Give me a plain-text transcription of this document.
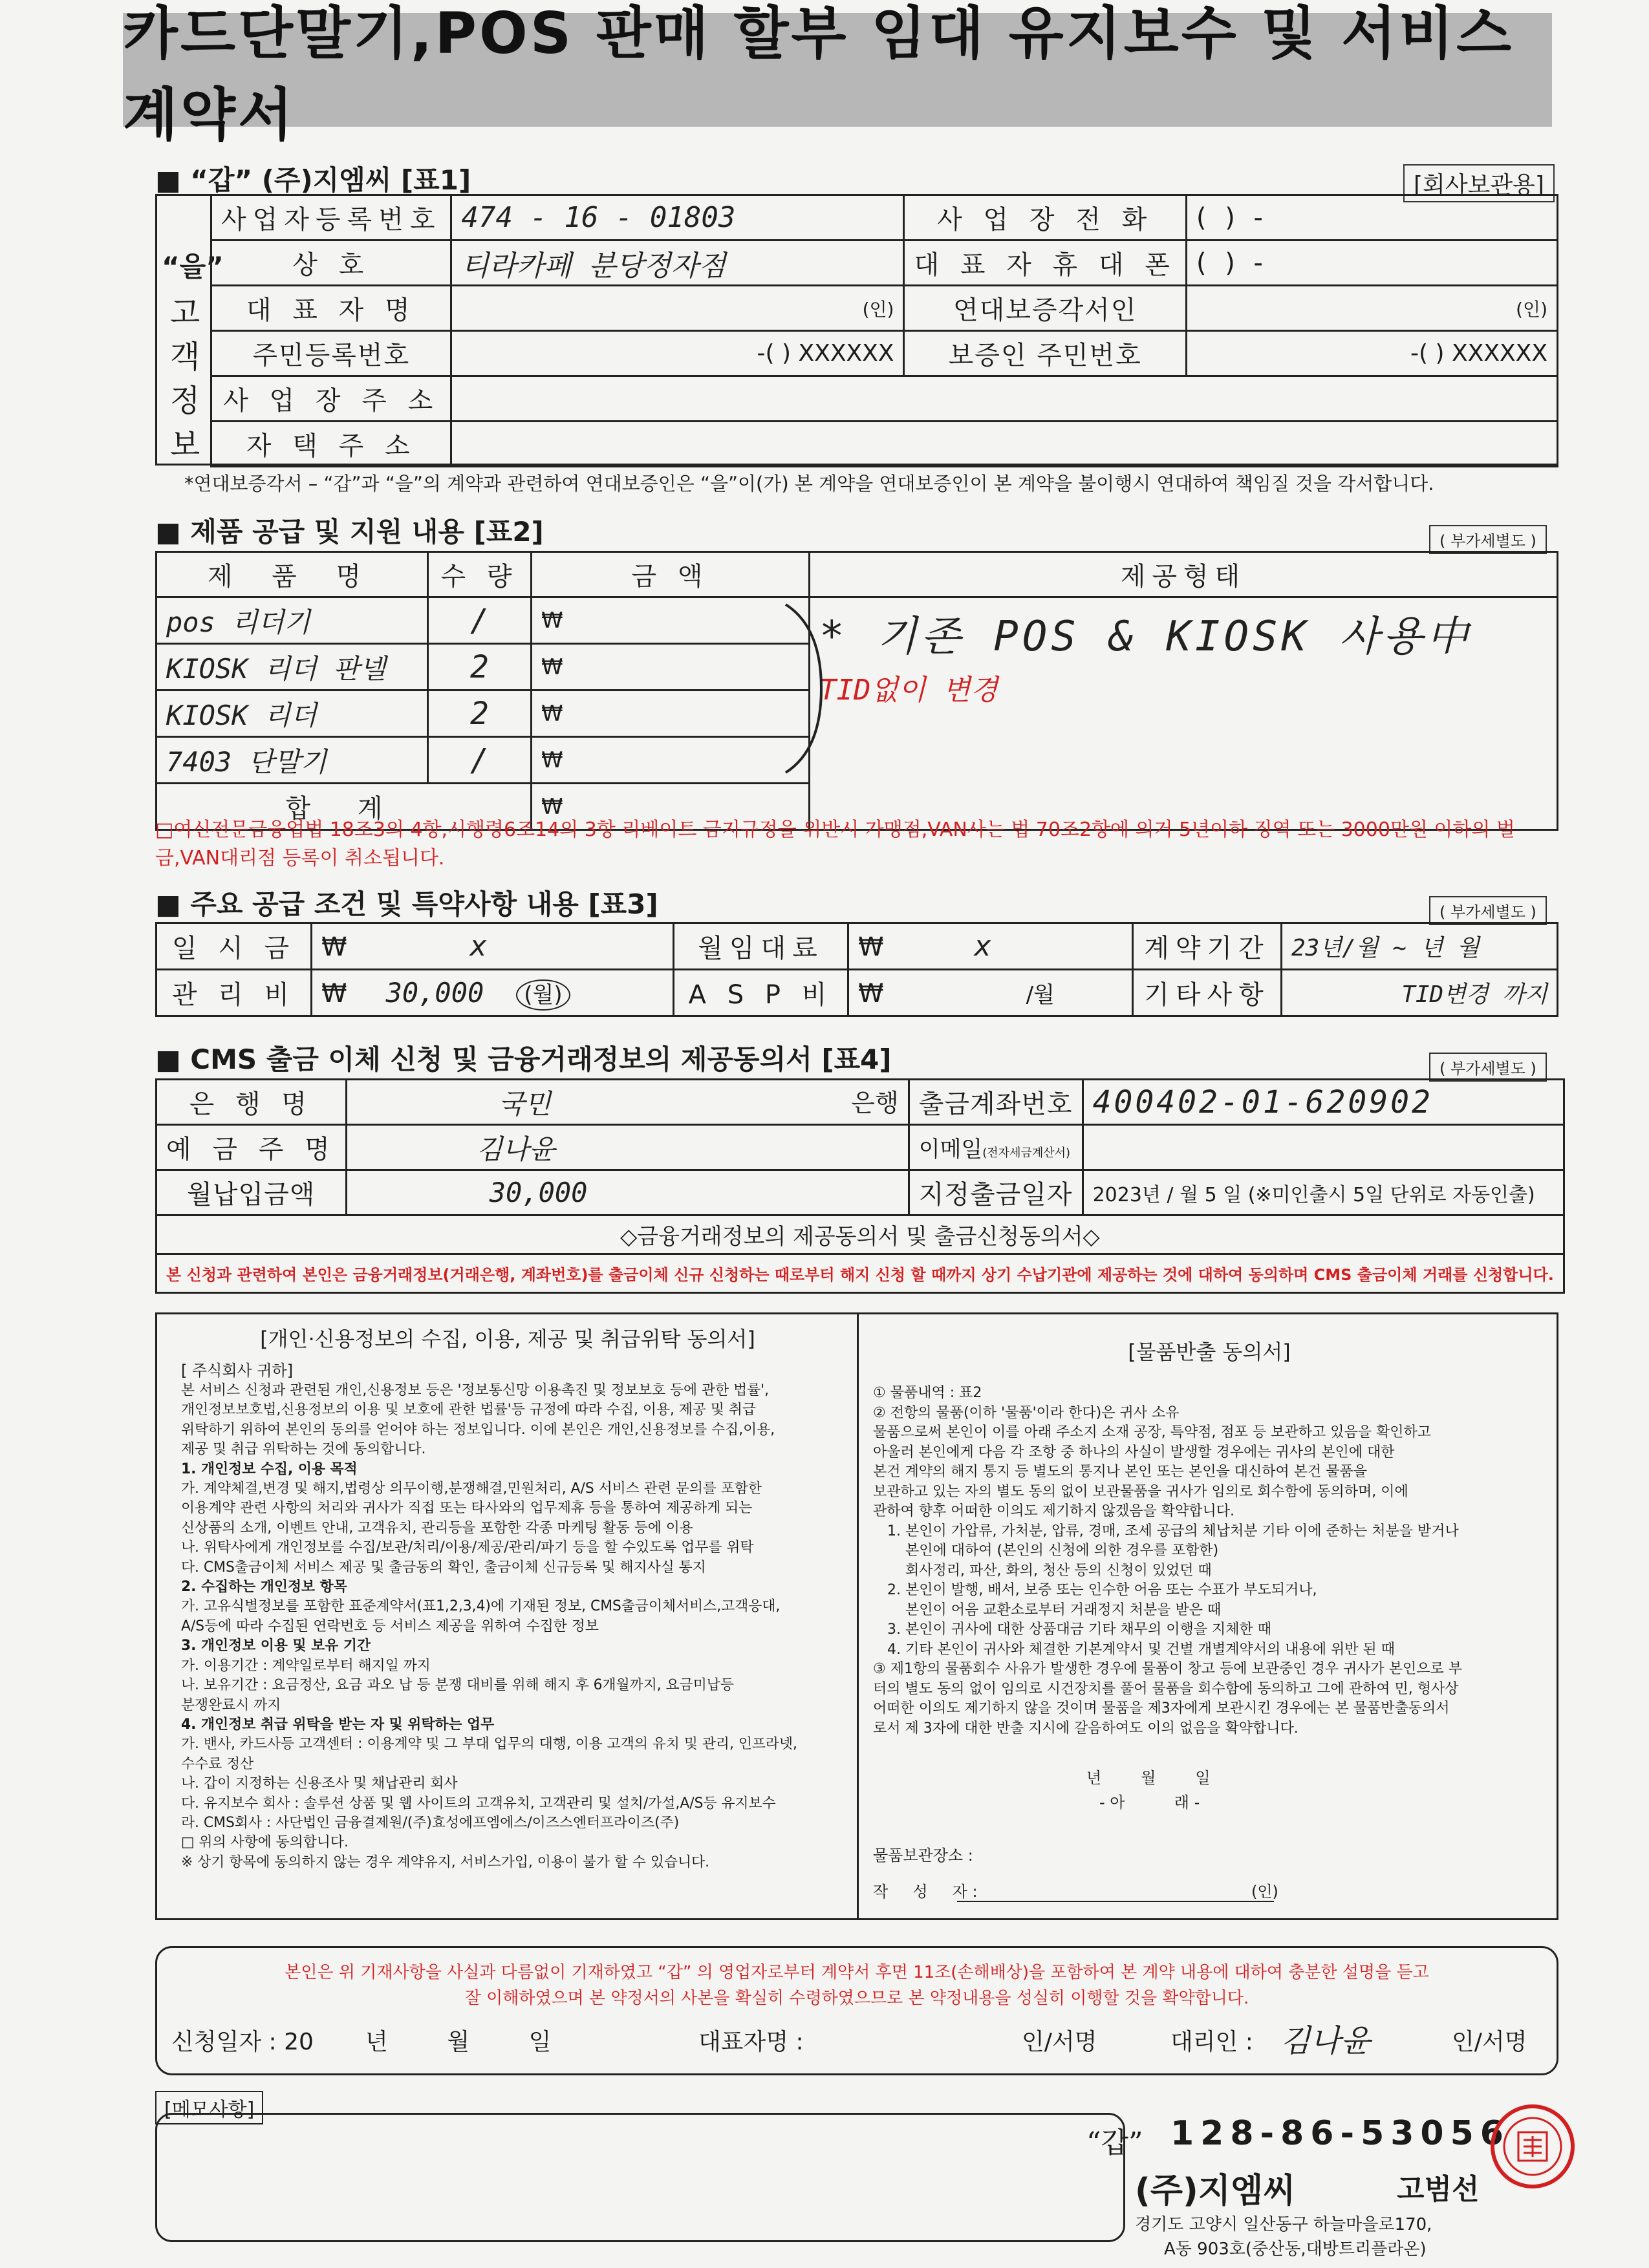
카드단말기,POS 판매 할부 임대 유지보수 및 서비스계약서
■ “갑” (주)지엠씨 [표1]	[회사보관용]
“을”
고
객
정
보
사업자등록번호	474 - 16 - 01803	사 업 장 전 화	( ) -
상 호	티라카페 분당정자점	대 표 자 휴 대 폰	( ) -
대 표 자 명	(인)	연대보증각서인	(인)
주민등록번호	-( ) XXXXXX	보증인 주민번호	-( ) XXXXXX
사 업 장 주 소			
자 택 주 소			
*연대보증각서 – “갑”과 “을”의 계약과 관련하여 연대보증인은 “을”이(가) 본 계약을 연대보증인이 본 계약을 불이행시 연대하여 책임질 것을 각서합니다.
■ 제품 공급 및 지원 내용 [표2]	( 부가세별도 )
제 품 명	수 량	금 액	제공형태
pos 리더기	/	₩	* 기존 POS & KIOSK 사용中
TID없이 변경

KIOSK 리더 판넬	2	₩	
KIOSK 리더	2	₩	
7403 단말기	/	₩	
합 계		₩	
□여신전문금융업법 18조3의 4항,시행령6조14의 3항 리베이트 금지규정을 위반시 가맹점,VAN사는 법 70조2항에 의거 5년이하 징역 또는 3000만원 이하의 벌금,VAN대리점 등록이 취소됩니다.
■ 주요 공급 조건 및 특약사항 내용 [표3]	( 부가세별도 )
일 시 금	₩ x	월임대료	₩ x	계약기간	23년/월 ~ 년 월
관 리 비	₩ 30,000 (월)	A S P 비	₩ /월	기타사항	TID변경 까지
■ CMS 출금 이체 신청 및 금융거래정보의 제공동의서 [표4]	( 부가세별도 )
은 행 명	국민 은행	출금계좌번호	400402-01-620902
예 금 주 명	김나윤	이메일(전자세금계산서)	
월납입금액	30,000	지정출금일자	2023년 / 월 5 일 (※미인출시 5일 단위로 자동인출)
◇금융거래정보의 제공동의서 및 출금신청동의서◇			
본 신청과 관련하여 본인은 금융거래정보(거래은행, 계좌번호)를 출금이체 신규 신청하는 때로부터 해지 신청 할 때까지 상기 수납기관에 제공하는 것에 대하여 동의하며 CMS 출금이체 거래를 신청합니다.			
[개인·신용정보의 수집, 이용, 제공 및 취급위탁 동의서]
[ 주식회사 귀하]

본 서비스 신청과 관련된 개인,신용정보 등은 '정보통신망 이용촉진 및 정보보호 등에 관한 법률',

개인정보보호법,신용정보의 이용 및 보호에 관한 법률'등 규정에 따라 수집, 이용, 제공 및 취급

위탁하기 위하여 본인의 동의를 얻어야 하는 정보입니다. 이에 본인은 개인,신용정보를 수집,이용,

제공 및 취급 위탁하는 것에 동의합니다.

1. 개인정보 수집, 이용 목적

가. 계약체결,변경 및 해지,법령상 의무이행,분쟁해결,민원처리, A/S 서비스 관련 문의를 포함한

이용계약 관련 사항의 처리와 귀사가 직접 또는 타사와의 업무제휴 등을 통하여 제공하게 되는

신상품의 소개, 이벤트 안내, 고객유치, 관리등을 포함한 각종 마케팅 활동 등에 이용

나. 위탁사에게 개인정보를 수집/보관/처리/이용/제공/관리/파기 등을 할 수있도록 업무를 위탁

다. CMS출금이체 서비스 제공 및 출금동의 확인, 출금이체 신규등록 및 해지사실 통지

2. 수집하는 개인정보 항목

가. 고유식별정보를 포함한 표준계약서(표1,2,3,4)에 기재된 정보, CMS출금이체서비스,고객응대,

A/S등에 따라 수집된 연락번호 등 서비스 제공을 위하여 수집한 정보

3. 개인정보 이용 및 보유 기간

가. 이용기간 : 계약일로부터 해지일 까지

나. 보유기간 : 요금정산, 요금 과오 납 등 분쟁 대비를 위해 해지 후 6개월까지, 요금미납등

분쟁완료시 까지

4. 개인정보 취급 위탁을 받는 자 및 위탁하는 업무

가. 밴사, 카드사등 고객센터 : 이용계약 및 그 부대 업무의 대행, 이용 고객의 유치 및 관리, 인프라넷,

수수료 정산

나. 갑이 지정하는 신용조사 및 채납관리 회사

다. 유지보수 회사 : 솔루션 상품 및 웹 사이트의 고객유치, 고객관리 및 설치/가설,A/S등 유지보수

라. CMS회사 : 사단법인 금융결제원/(주)효성에프엠에스/이즈스엔터프라이즈(주)

□ 위의 사항에 동의합니다.

※ 상기 항목에 동의하지 않는 경우 계약유지, 서비스가입, 이용이 불가 할 수 있습니다.

[물품반출 동의서]

① 물품내역 : 표2

② 전항의 물품(이하 '물품'이라 한다)은 귀사 소유

물품으로써 본인이 이를 아래 주소지 소재 공장, 특약점, 점포 등 보관하고 있음을 확인하고

아울러 본인에게 다음 각 조항 중 하나의 사실이 발생할 경우에는 귀사의 본인에 대한

본건 계약의 해지 통지 등 별도의 통지나 본인 또는 본인을 대신하여 본건 물품을

보관하고 있는 자의 별도 동의 없이 보관물품을 귀사가 임의로 회수함에 동의하며, 이에

관하여 향후 어떠한 이의도 제기하지 않겠음을 확약합니다.

1. 본인이 가압류, 가처분, 압류, 경매, 조세 공급의 체납처분 기타 이에 준하는 처분을 받거나

본인에 대하여 (본인의 신청에 의한 경우를 포함한)

회사정리, 파산, 화의, 청산 등의 신청이 있었던 때

2. 본인이 발행, 배서, 보증 또는 인수한 어음 또는 수표가 부도되거나,

본인이 어음 교환소로부터 거래정지 처분을 받은 때

3. 본인이 귀사에 대한 상품대금 기타 채무의 이행을 지체한 때

4. 기타 본인이 귀사와 체결한 기본계약서 및 건별 개별계약서의 내용에 위반 된 때

③ 제1항의 물품회수 사유가 발생한 경우에 물품이 창고 등에 보관중인 경우 귀사가 본인으로 부

터의 별도 동의 없이 임의로 시건장치를 풀어 물품을 회수함에 동의하고 그에 관하여 민, 형사상

어떠한 이의도 제기하지 않을 것이며 물품을 제3자에게 보관시킨 경우에는 본 물품반출동의서

로서 제 3자에 대한 반출 지시에 갈음하여도 이의 없음을 확약합니다.

년        월        일
- 아          래 -
물품보관장소 :
작     성     자 :	(인)
본인은 위 기재사항을 사실과 다름없이 기재하였고 “갑” 의 영업자로부터 계약서 후면 11조(손해배상)을 포함하여 본 계약 내용에 대하여 충분한 설명을 듣고
잘 이해하였으며 본 약정서의 사본을 확실히 수령하였으므로 본 약정내용을 성실히 이행할 것을 확약합니다.
신청일자 : 20       년        월        일	대표자명 :	인/서명	대리인 : 김나윤	인/서명
[메모사항]
“갑” 128-86-53056
(주)지엠씨	고범선
경기도 고양시 일산동구 하늘마을로170,
A동 903호(중산동,대방트리플라온)
